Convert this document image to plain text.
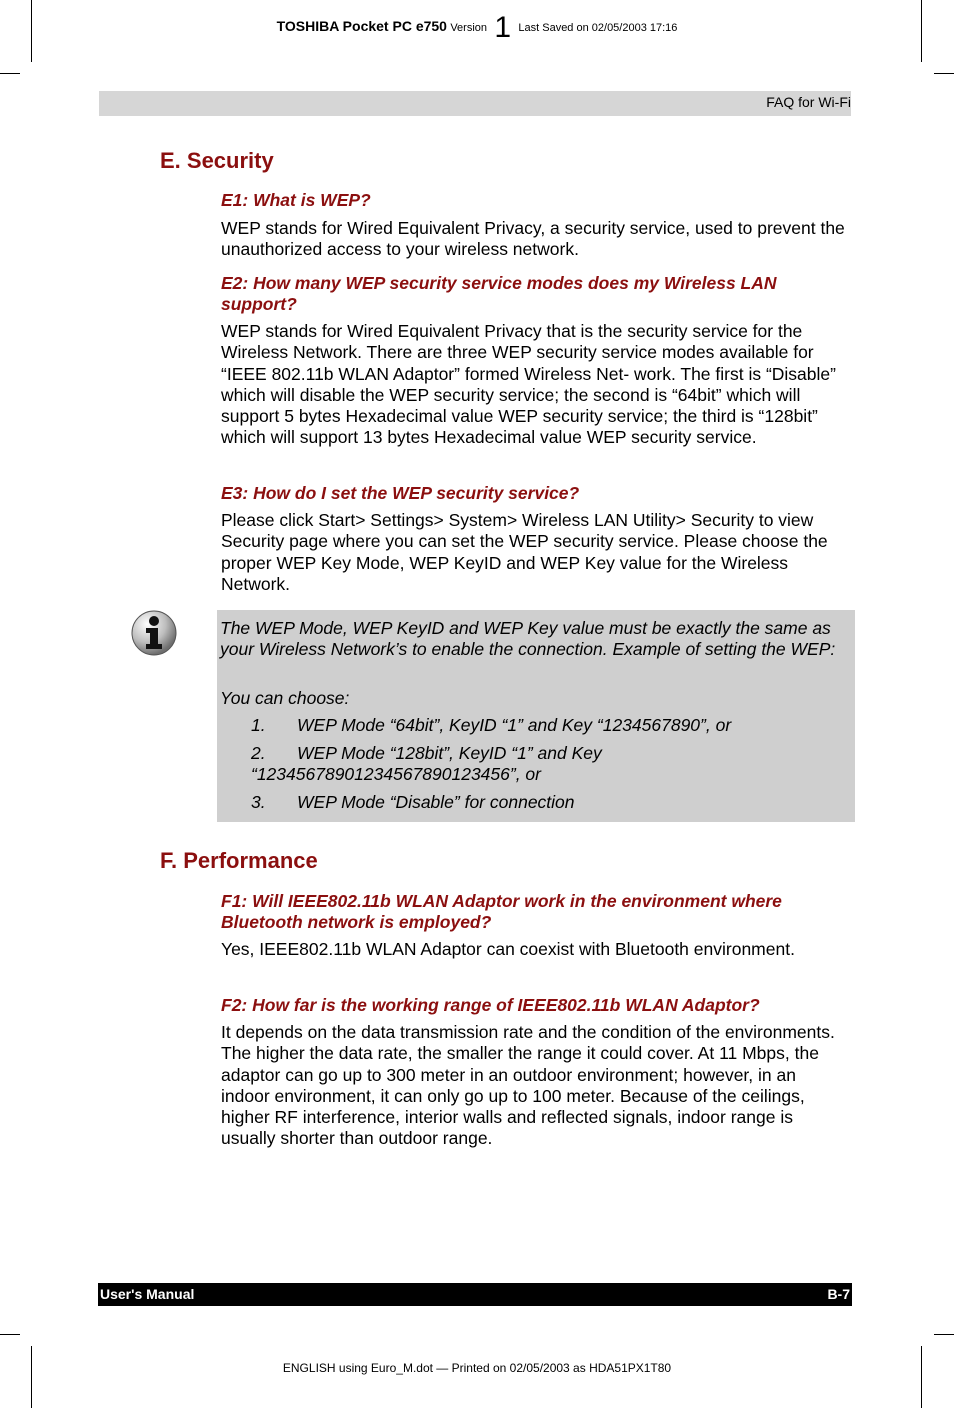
TOSHIBA Pocket PC e750 Version 1 Last Saved on 02/05/2003 17:16
FAQ for Wi-Fi
E. Security

E1: What is WEP?

WEP stands for Wired Equivalent Privacy, a security service, used to prevent the unauthorized access to your wireless network.

E2: How many WEP security service modes does my Wireless LAN support?

WEP stands for Wired Equivalent Privacy that is the security service for the Wireless Network. There are three WEP security service modes available for “IEEE 802.11b WLAN Adaptor” formed Wireless Net- work. The first is “Disable” which will disable the WEP security service; the second is “64bit” which will support 5 bytes Hexadecimal value WEP security service; the third is “128bit” which will support 13 bytes Hexadecimal value WEP security service.

E3: How do I set the WEP security service?

Please click Start> Settings> System> Wireless LAN Utility> Security to view Security page where you can set the WEP security service. Please choose the proper WEP Key Mode, WEP KeyID and WEP Key value for the Wireless Network.

The WEP Mode, WEP KeyID and WEP Key value must be exactly the same as your Wireless Network’s to enable the connection. Example of setting the WEP:

You can choose:

1.	WEP Mode “64bit”, KeyID “1” and Key “1234567890”, or
2.	WEP Mode “128bit”, KeyID “1” and Key “12345678901234567890123456”, or
3.	WEP Mode “Disable” for connection
F. Performance

F1: Will IEEE802.11b WLAN Adaptor work in the environment where Bluetooth network is employed?

Yes, IEEE802.11b WLAN Adaptor can coexist with Bluetooth environment.

F2: How far is the working range of IEEE802.11b WLAN Adaptor?

It depends on the data transmission rate and the condition of the environments. The higher the data rate, the smaller the range it could cover. At 11 Mbps, the adaptor can go up to 300 meter in an outdoor environment; however, in an indoor environment, it can only go up to 100 meter. Because of the ceilings, higher RF interference, interior walls and reflected signals, indoor range is usually shorter than outdoor range.

User's Manual	B-7
ENGLISH using Euro_M.dot — Printed on 02/05/2003 as HDA51PX1T80
